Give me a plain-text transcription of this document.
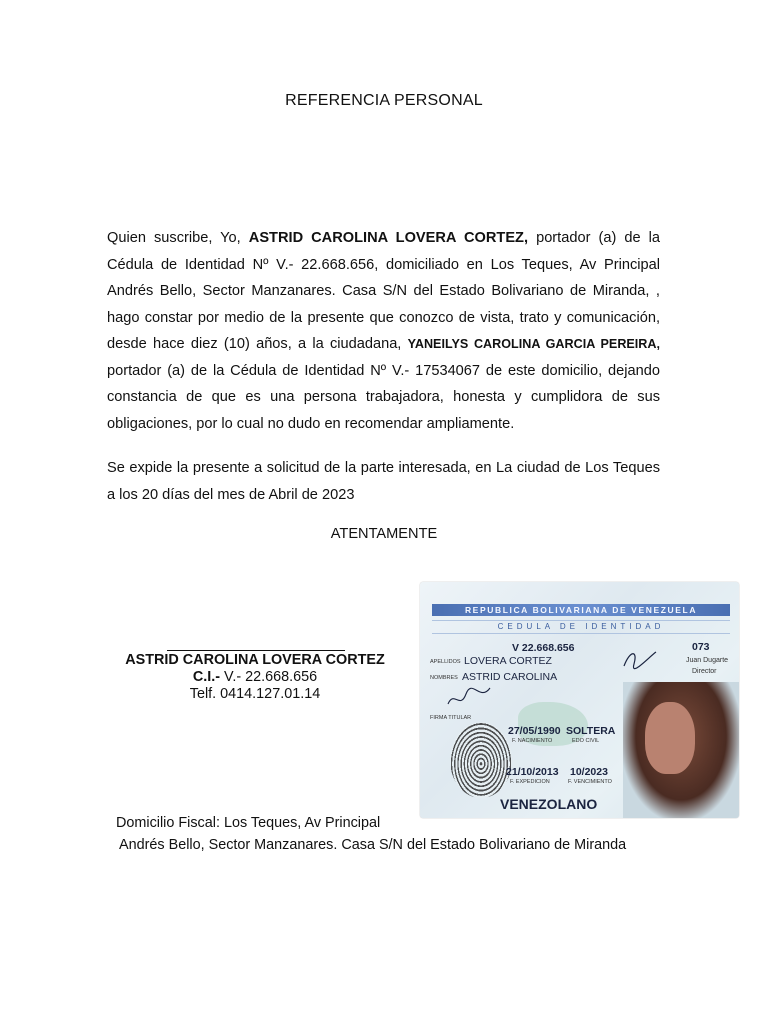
REFERENCIA PERSONAL
Quien suscribe, Yo, ASTRID CAROLINA LOVERA CORTEZ, portador (a) de la Cédula de Identidad Nº V.- 22.668.656, domiciliado en Los Teques, Av Principal Andrés Bello, Sector Manzanares. Casa S/N del Estado Bolivariano de Miranda, , hago constar por medio de la presente que conozco de vista, trato y comunicación, desde hace diez (10) años, a la ciudadana, YANEILYS CAROLINA GARCIA PEREIRA, portador (a) de la Cédula de Identidad Nº V.- 17534067 de este domicilio, dejando constancia de que es una persona trabajadora, honesta y cumplidora de sus obligaciones, por lo cual no dudo en recomendar ampliamente.
Se expide la presente a solicitud de la parte interesada, en La ciudad de Los Teques a los 20 días del mes de Abril de 2023
ATENTAMENTE
ASTRID CAROLINA LOVERA CORTEZ
C.I.- V.- 22.668.656
Telf. 0414.127.01.14
Domicilio Fiscal: Los Teques, Av Principal
Andrés Bello, Sector Manzanares. Casa S/N del Estado Bolivariano de Miranda
REPUBLICA BOLIVARIANA DE VENEZUELA
CEDULA DE IDENTIDAD
V 22.668.656	073
APELLIDOS LOVERA CORTEZ
NOMBRES ASTRID CAROLINA
Juan Dugarte
Director
FIRMA TITULAR
27/05/1990
F. NACIMIENTO
SOLTERA
EDO CIVIL
21/10/2013
F. EXPEDICION
10/2023
F. VENCIMIENTO
VENEZOLANO
